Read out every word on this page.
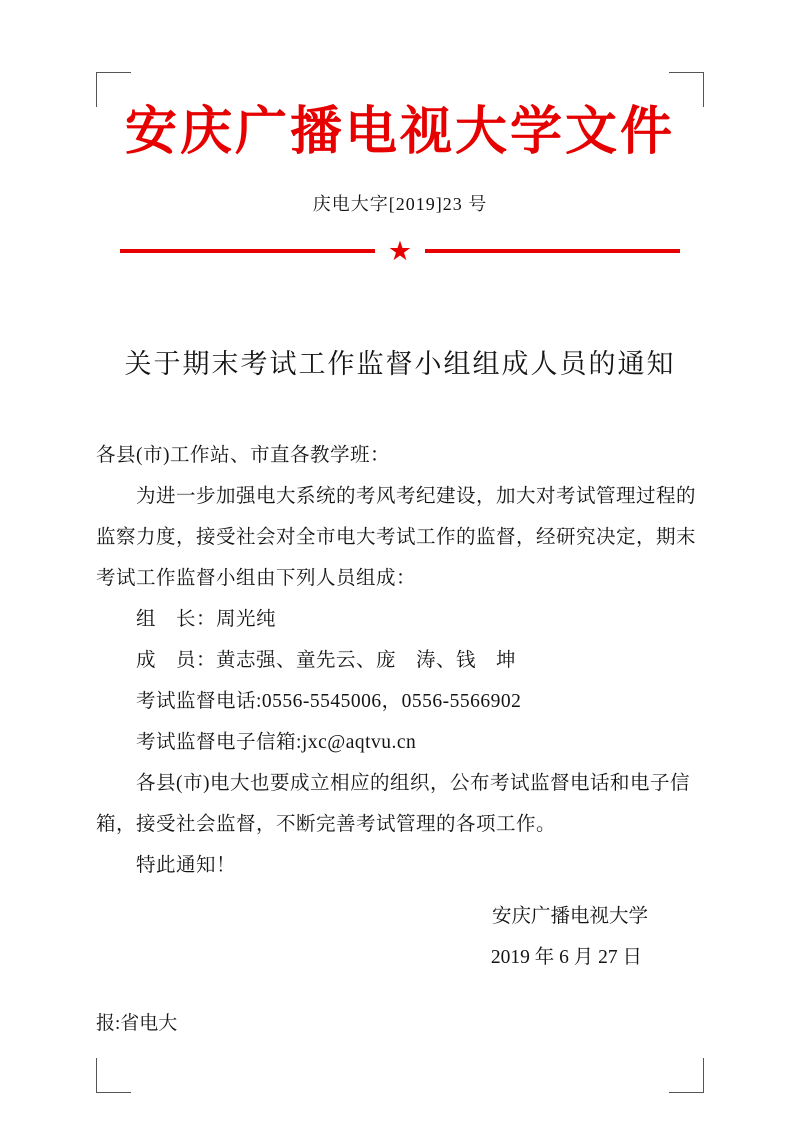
安庆广播电视大学文件
庆电大字[2019]23 号
★
关于期末考试工作监督小组组成人员的通知

各县(市)工作站、市直各教学班：

为进一步加强电大系统的考风考纪建设，加大对考试管理过程的监察力度，接受社会对全市电大考试工作的监督，经研究决定，期末考试工作监督小组由下列人员组成：

组　长：周光纯

成　员：黄志强、童先云、庞　涛、钱　坤

考试监督电话:0556-5545006，0556-5566902

考试监督电子信箱:jxc@aqtvu.cn

各县(市)电大也要成立相应的组织，公布考试监督电话和电子信箱，接受社会监督，不断完善考试管理的各项工作。

特此通知！

安庆广播电视大学
2019 年 6 月 27 日
报:省电大
